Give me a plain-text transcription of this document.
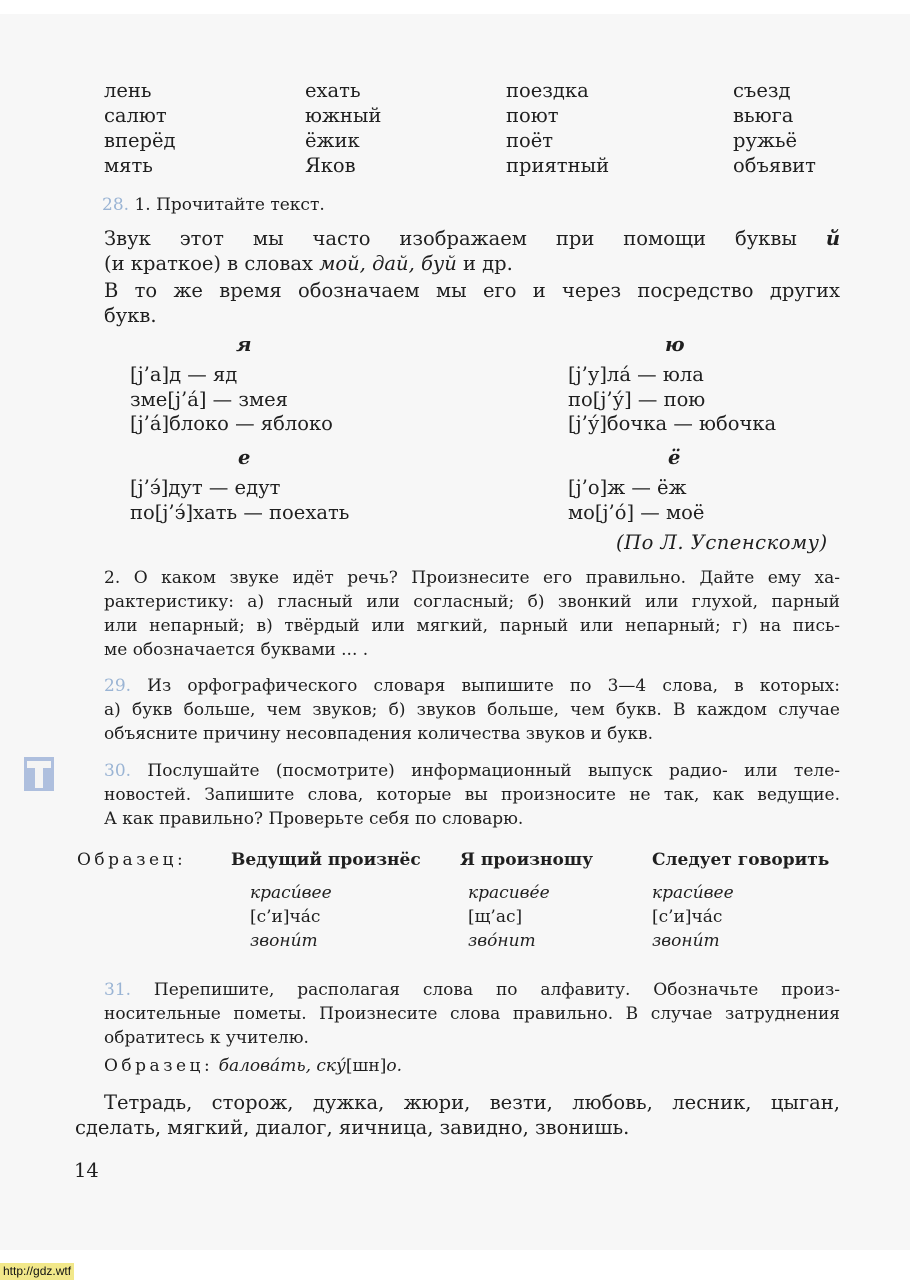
лень
салют
вперёд
мять
ехать
южный
ёжик
Яков
поездка
поют
поёт
приятный
съезд
вьюга
ружьё
объявит
28. 1. Прочитайте текст.
Звук этот мы часто изображаем при помощи буквы й
(и краткое) в словах мой, дай, буй и др.
В то же время обозначаем мы его и через посредство других
букв.
я
[j’а]д — яд
зме[j’а́] — змея
[j’а́]блоко — яблоко
ю
[j’у]ла́ — юла
по[j’у́] — пою
[j’у́]бочка — юбочка
е
[j’э́]дут — едут
по[j’э́]хать — поехать
ё
[j’о]ж — ёж
мо[j’о́] — моё
(По Л. Успенскому)
2. О каком звуке идёт речь? Произнесите его правильно. Дайте ему ха-
рактеристику: а) гласный или согласный; б) звонкий или глухой, парный
или непарный; в) твёрдый или мягкий, парный или непарный; г) на пись-
ме обозначается буквами ... .
29. Из орфографического словаря выпишите по 3—4 слова, в которых:
а) букв больше, чем звуков; б) звуков больше, чем букв. В каждом случае
объясните причину несовпадения количества звуков и букв.
30. Послушайте (посмотрите) информационный выпуск радио- или теле-
новостей. Запишите слова, которые вы произносите не так, как ведущие.
А как правильно? Проверьте себя по словарю.
Образец:	Ведущий произнёс Я произношу	Следует говорить
краси́вее
[с’и]ча́с
звони́т
красиве́е
[щ’ас]
зво́нит
краси́вее
[с’и]ча́с
звони́т
31. Перепишите, располагая слова по алфавиту. Обозначьте произ-
носительные пометы. Произнесите слова правильно. В случае затруднения
обратитесь к учителю.
Образец: балова́ть, ску́[шн]о.
Тетрадь, сторож, дужка, жюри, везти, любовь, лесник, цыган,
сделать, мягкий, диалог, яичница, завидно, звонишь.
14
http://gdz.wtf
